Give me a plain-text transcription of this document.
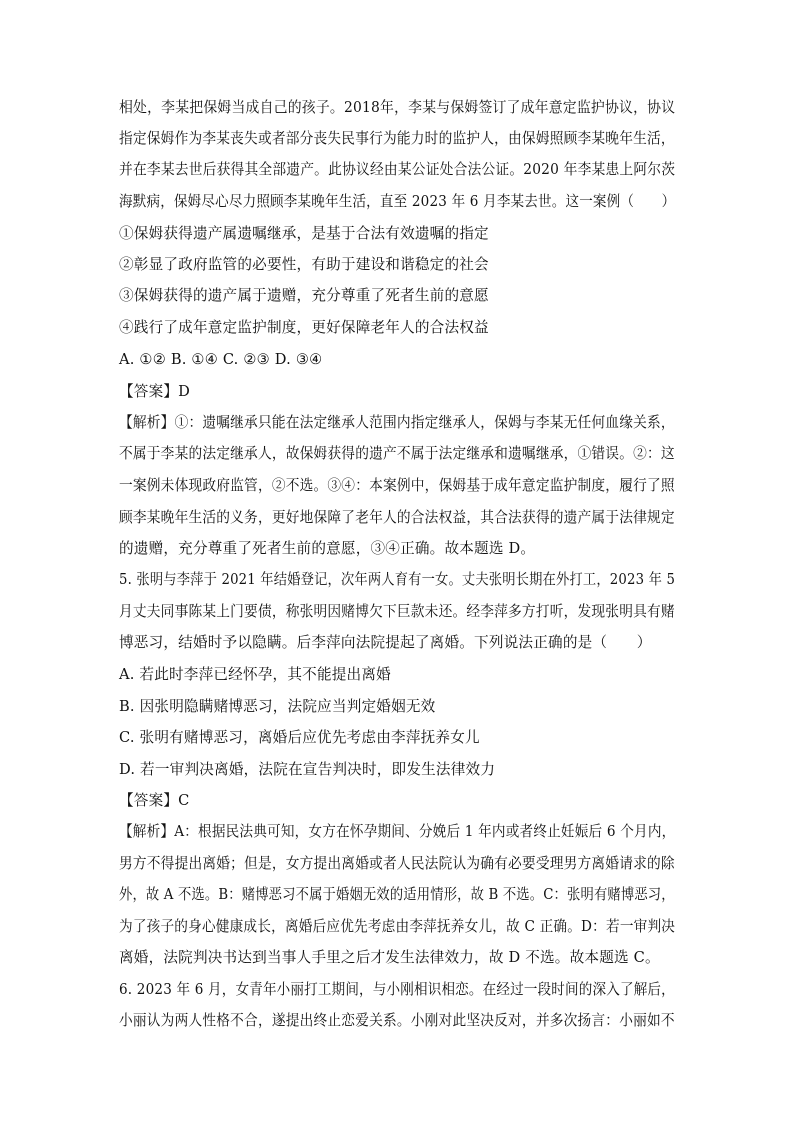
相处，李某把保姆当成自己的孩子。2018年，李某与保姆签订了成年意定监护协议，协议
指定保姆作为李某丧失或者部分丧失民事行为能力时的监护人，由保姆照顾李某晚年生活，
并在李某去世后获得其全部遗产。此协议经由某公证处合法公证。2020 年李某患上阿尔茨
海默病，保姆尽心尽力照顾李某晚年生活，直至 2023 年 6 月李某去世。这一案例（　　）
①保姆获得遗产属遗嘱继承，是基于合法有效遗嘱的指定
②彰显了政府监管的必要性，有助于建设和谐稳定的社会
③保姆获得的遗产属于遗赠，充分尊重了死者生前的意愿
④践行了成年意定监护制度，更好保障老年人的合法权益
A. ①② B. ①④ C. ②③ D. ③④
【答案】D
【解析】①：遗嘱继承只能在法定继承人范围内指定继承人，保姆与李某无任何血缘关系，
不属于李某的法定继承人，故保姆获得的遗产不属于法定继承和遗嘱继承，①错误。②：这
一案例未体现政府监管，②不选。③④：本案例中，保姆基于成年意定监护制度，履行了照
顾李某晚年生活的义务，更好地保障了老年人的合法权益，其合法获得的遗产属于法律规定
的遗赠，充分尊重了死者生前的意愿，③④正确。故本题选 D。
5. 张明与李萍于 2021 年结婚登记，次年两人育有一女。丈夫张明长期在外打工，2023 年 5
月丈夫同事陈某上门要债，称张明因赌博欠下巨款未还。经李萍多方打听，发现张明具有赌
博恶习，结婚时予以隐瞒。后李萍向法院提起了离婚。下列说法正确的是（　　）
A. 若此时李萍已经怀孕，其不能提出离婚
B. 因张明隐瞒赌博恶习，法院应当判定婚姻无效
C. 张明有赌博恶习，离婚后应优先考虑由李萍抚养女儿
D. 若一审判决离婚，法院在宣告判决时，即发生法律效力
【答案】C
【解析】A：根据民法典可知，女方在怀孕期间、分娩后 1 年内或者终止妊娠后 6 个月内，
男方不得提出离婚；但是，女方提出离婚或者人民法院认为确有必要受理男方离婚请求的除
外，故 A 不选。B：赌博恶习不属于婚姻无效的适用情形，故 B 不选。C：张明有赌博恶习，
为了孩子的身心健康成长，离婚后应优先考虑由李萍抚养女儿，故 C 正确。D：若一审判决
离婚，法院判决书达到当事人手里之后才发生法律效力，故 D 不选。故本题选 C。
6. 2023 年 6 月，女青年小丽打工期间，与小刚相识相恋。在经过一段时间的深入了解后，
小丽认为两人性格不合，遂提出终止恋爱关系。小刚对此坚决反对，并多次扬言：小丽如不
